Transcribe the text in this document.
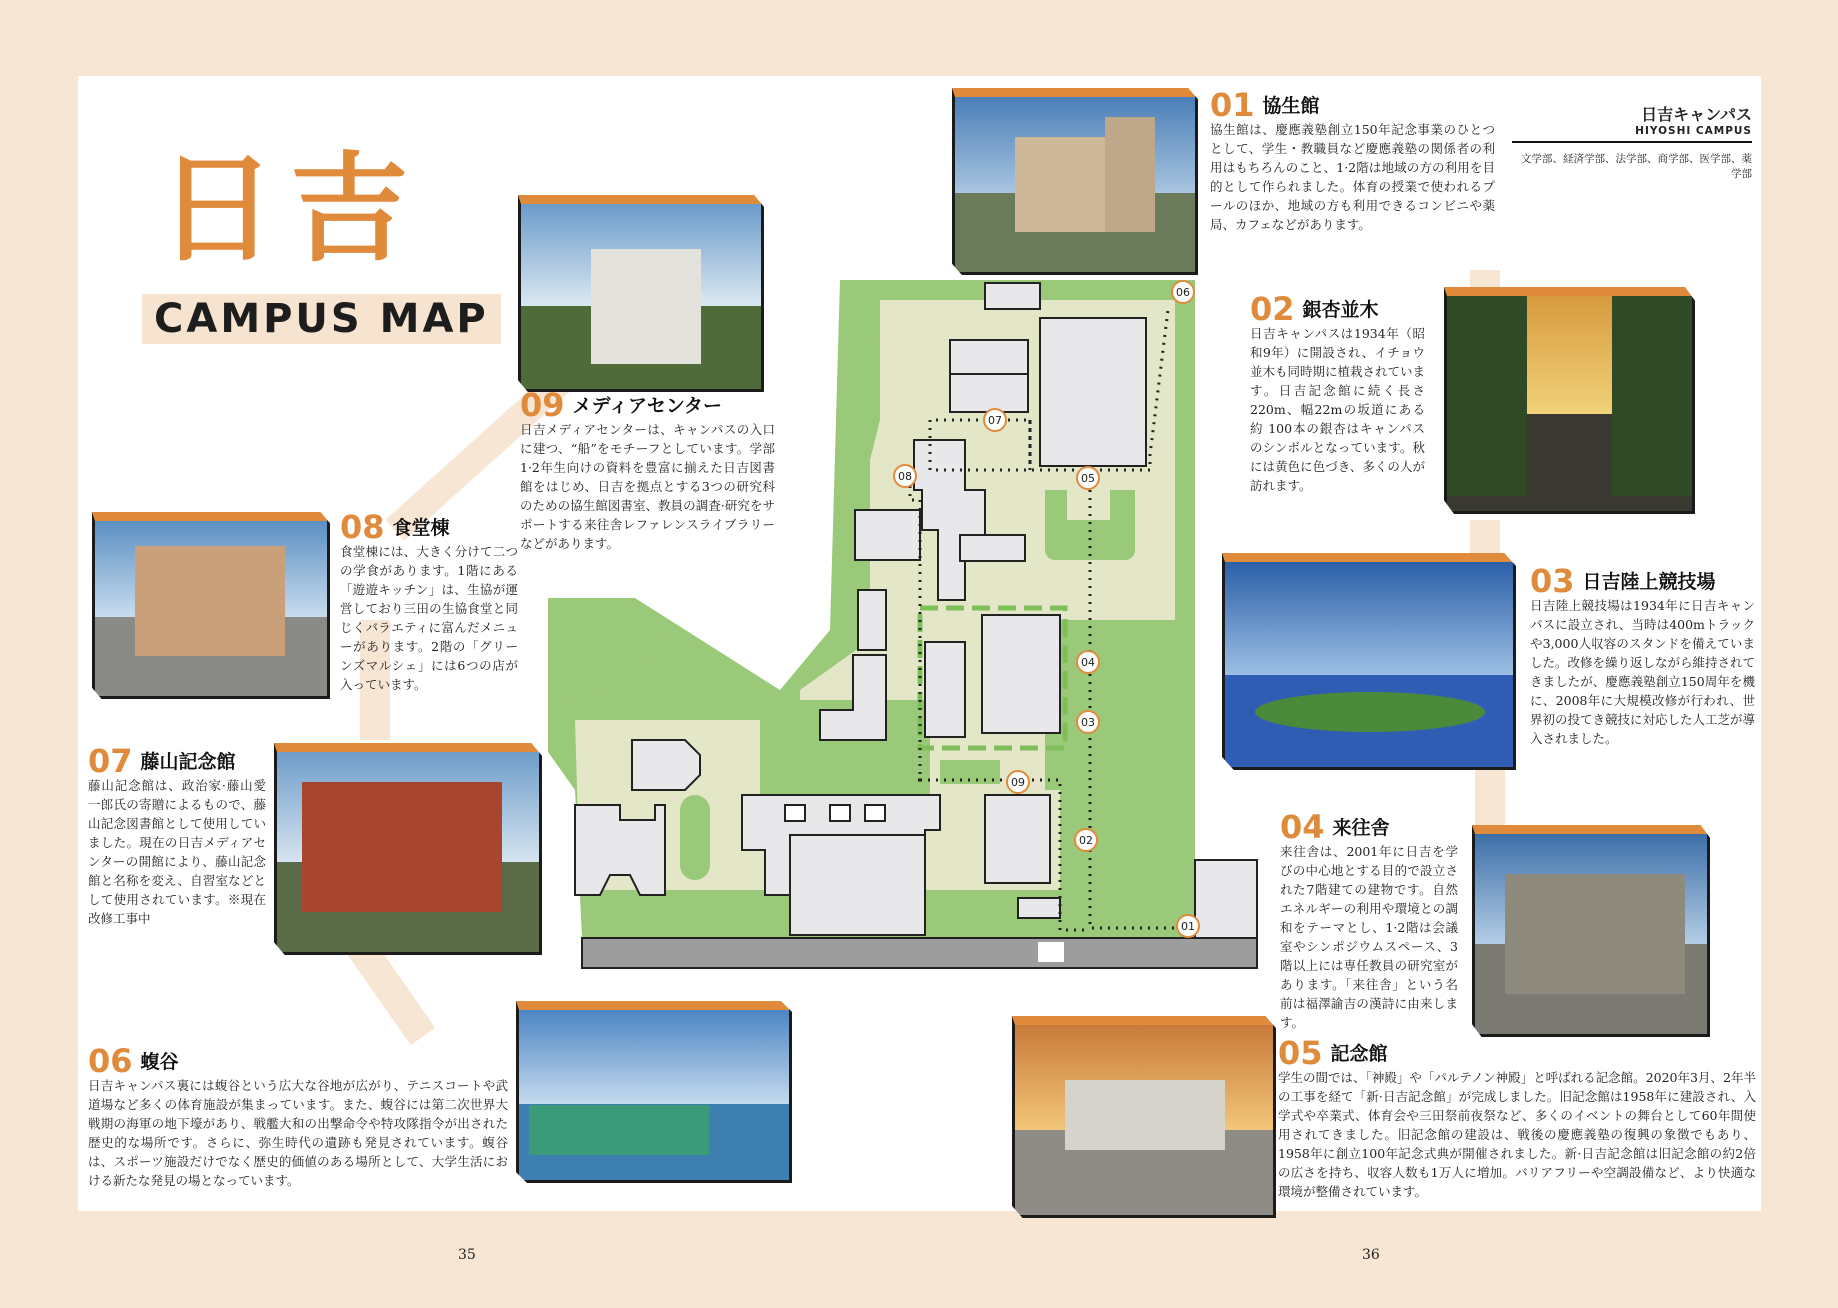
日吉
CAMPUS MAP
日吉キャンパス
HIYOSHI CAMPUS
文学部、経済学部、法学部、商学部、医学部、薬学部
01
02
03
04
05
06
07
08
09
01 協生館

協生館は、慶應義塾創立150年記念事業のひとつとして、学生・教職員など慶應義塾の関係者の利用はもちろんのこと、1·2階は地域の方の利用を目的として作られました。体育の授業で使われるプールのほか、地域の方も利用できるコンビニや薬局、カフェなどがあります。

02 銀杏並木

日吉キャンパスは1934年（昭和9年）に開設され、イチョウ並木も同時期に植栽されています。日吉記念館に続く長さ220m、幅22mの坂道にある約 100本の銀杏はキャンパスのシンボルとなっています。秋には黄色に色づき、多くの人が訪れます。

03 日吉陸上競技場

日吉陸上競技場は1934年に日吉キャンパスに設立され、当時は400mトラックや3,000人収容のスタンドを備えていました。改修を繰り返しながら維持されてきましたが、慶應義塾創立150周年を機に、2008年に大規模改修が行われ、世界初の投てき競技に対応した人工芝が導入されました。

04 来往舎

来往舎は、2001年に日吉を学びの中心地とする目的で設立された7階建ての建物です。自然エネルギーの利用や環境との調和をテーマとし、1·2階は会議室やシンポジウムスペース、3階以上には専任教員の研究室があります。「来往舎」という名前は福澤諭吉の漢詩に由来します。

05 記念館

学生の間では、「神殿」や「パルテノン神殿」と呼ばれる記念館。2020年3月、2年半の工事を経て「新·日吉記念館」が完成しました。旧記念館は1958年に建設され、入学式や卒業式、体育会や三田祭前夜祭など、多くのイベントの舞台として60年間使用されてきました。旧記念館の建設は、戦後の慶應義塾の復興の象徴でもあり、1958年に創立100年記念式典が開催されました。新·日吉記念館は旧記念館の約2倍の広さを持ち、収容人数も1万人に増加。バリアフリーや空調設備など、より快適な環境が整備されています。

06 蝮谷

日吉キャンパス裏には蝮谷という広大な谷地が広がり、テニスコートや武道場など多くの体育施設が集まっています。また、蝮谷には第二次世界大戦期の海軍の地下壕があり、戦艦大和の出撃命令や特攻隊指令が出された歴史的な場所です。さらに、弥生時代の遺跡も発見されています。蝮谷は、スポーツ施設だけでなく歴史的価値のある場所として、大学生活における新たな発見の場となっています。

07 藤山記念館

藤山記念館は、政治家·藤山愛一郎氏の寄贈によるもので、藤山記念図書館として使用していました。現在の日吉メディアセンターの開館により、藤山記念館と名称を変え、自習室などとして使用されています。※現在改修工事中

08 食堂棟

食堂棟には、大きく分けて二つの学食があります。1階にある「遊遊キッチン」は、生協が運営しており三田の生協食堂と同じくバラエティに富んだメニューがあります。2階の「グリーンズマルシェ」には6つの店が入っています。

09 メディアセンター

日吉メディアセンターは、キャンパスの入口に建つ、“船”をモチーフとしています。学部1·2年生向けの資料を豊富に揃えた日吉図書館をはじめ、日吉を拠点とする3つの研究科のための協生館図書室、教員の調査·研究をサポートする来往舎レファレンスライブラリーなどがあります。

35	36
